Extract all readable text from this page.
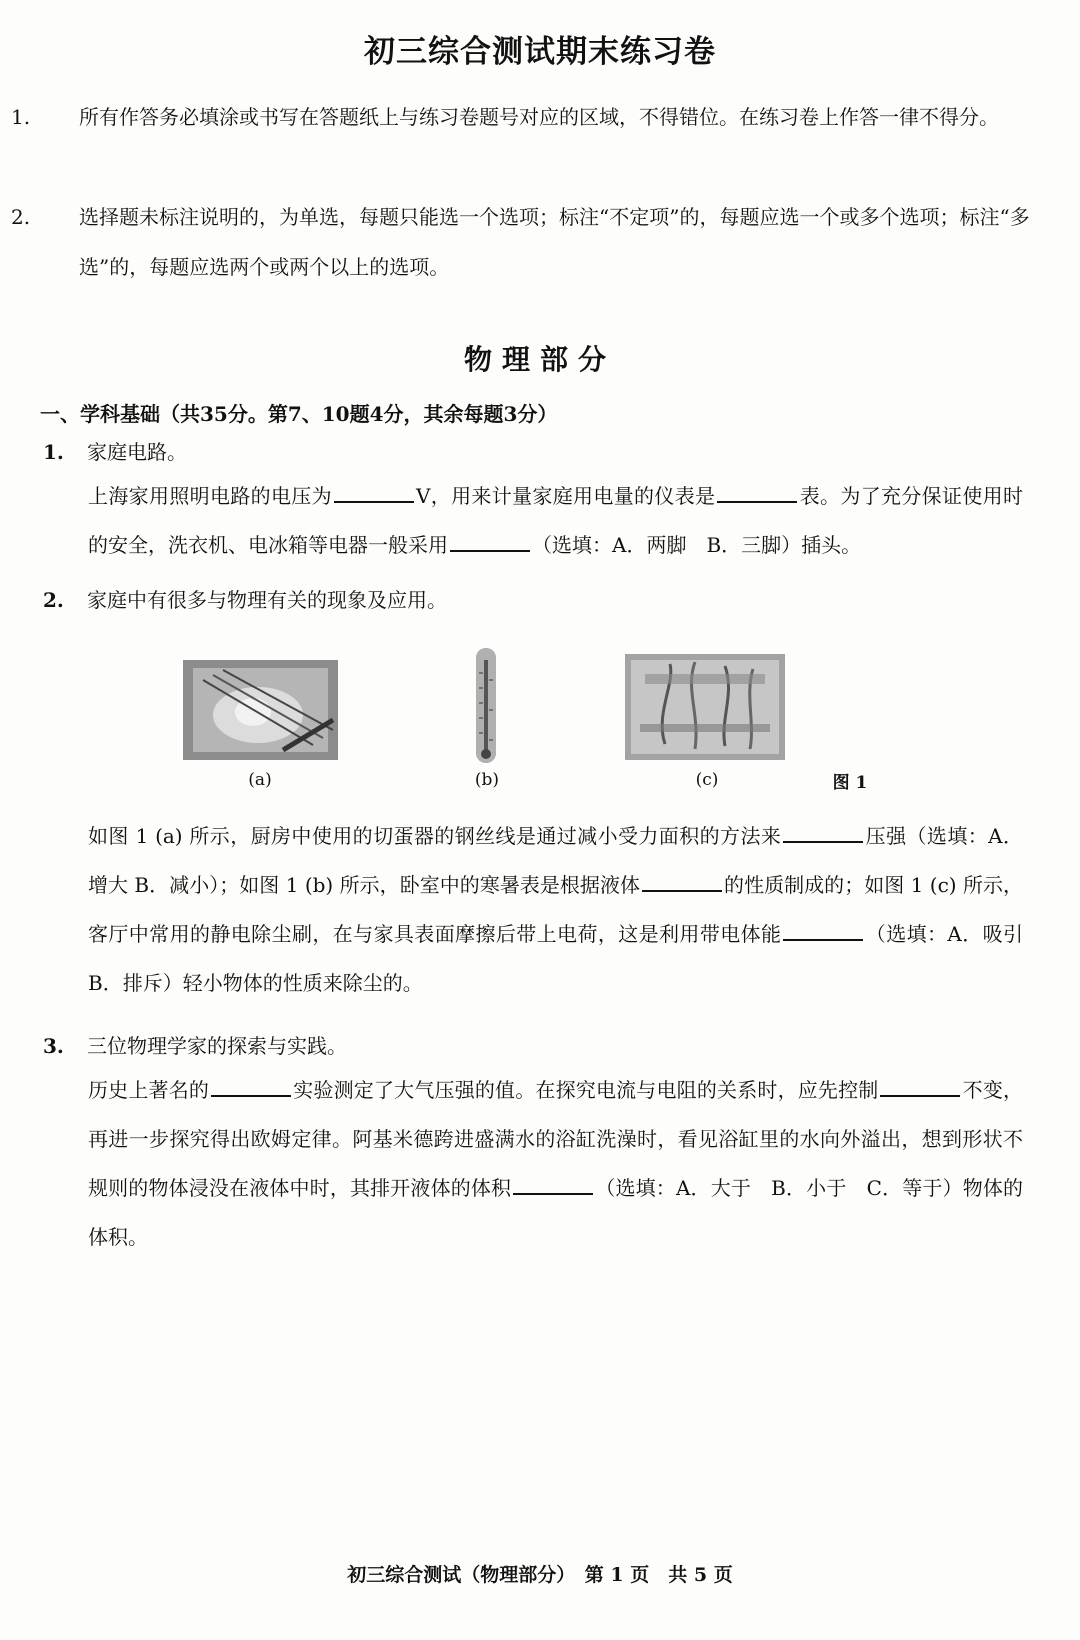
初三综合测试期末练习卷
1. 所有作答务必填涂或书写在答题纸上与练习卷题号对应的区域，不得错位。在练习卷上作答一律不得分。
2. 选择题未标注说明的，为单选，每题只能选一个选项；标注“不定项”的，每题应选一个或多个选项；标注“多选”的，每题应选两个或两个以上的选项。
物理部分
一、学科基础（共35分。第7、10题4分，其余每题3分）
1. 家庭电路。
上海家用照明电路的电压为	V，用来计量家庭用电量的仪表是	表。为了充分保证使用时的安全，洗衣机、电冰箱等电器一般采用	（选填：A．两脚　B．三脚）插头。
2. 家庭中有很多与物理有关的现象及应用。
(a)	(b)	(c)	图 1
如图 1 (a) 所示，厨房中使用的切蛋器的钢丝线是通过减小受力面积的方法来	压强（选填：A．增大 B．减小）；如图 1 (b) 所示，卧室中的寒暑表是根据液体	的性质制成的；如图 1 (c) 所示，客厅中常用的静电除尘刷，在与家具表面摩擦后带上电荷，这是利用带电体能	（选填：A．吸引　B．排斥）轻小物体的性质来除尘的。
3. 三位物理学家的探索与实践。
历史上著名的	实验测定了大气压强的值。在探究电流与电阻的关系时，应先控制	不变，再进一步探究得出欧姆定律。阿基米德跨进盛满水的浴缸洗澡时，看见浴缸里的水向外溢出，想到形状不规则的物体浸没在液体中时，其排开液体的体积	（选填：A．大于　B．小于　C．等于）物体的体积。
初三综合测试（物理部分）　第 1 页　共 5 页
